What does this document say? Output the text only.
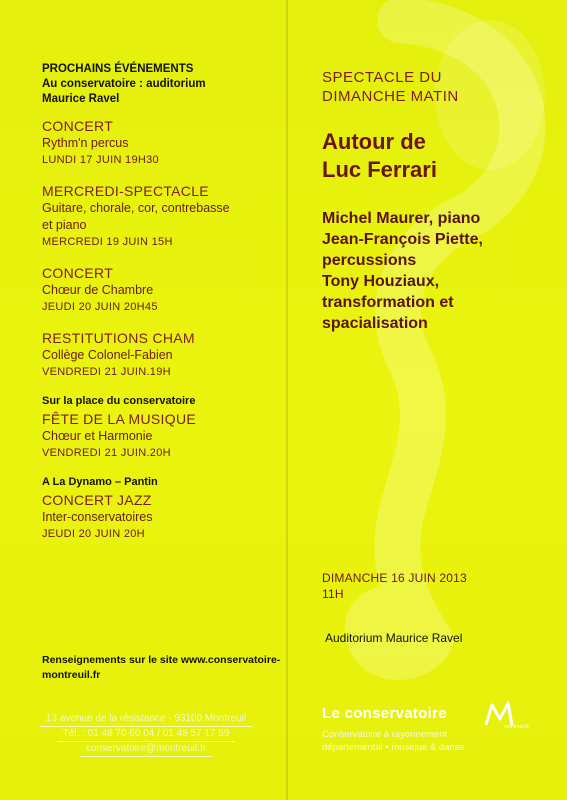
PROCHAINS ÉVÉNEMENTS
Au conservatoire : auditorium
Maurice Ravel
CONCERT
Rythm'n percus
LUNDI 17 JUIN 19H30
MERCREDI-SPECTACLE
Guitare, chorale, cor, contrebasse
et piano
MERCREDI 19 JUIN 15H
CONCERT
Chœur de Chambre
JEUDI 20 JUIN 20H45
RESTITUTIONS CHAM
Collège Colonel-Fabien
VENDREDI 21 JUIN.19H
Sur la place du conservatoire
FÊTE DE LA MUSIQUE
Chœur et Harmonie
VENDREDI 21 JUIN.20H
A La Dynamo – Pantin
CONCERT JAZZ
Inter-conservatoires
JEUDI 20 JUIN 20H
Renseignements sur le site www.conservatoire-
montreuil.fr
13 avenue de la résistance - 93100 Montreuil
Tél. : 01 48 70 60 04 / 01 48 57 17 59
conservatoire@montreuil.fr
SPECTACLE DU
DIMANCHE MATIN
Autour de
Luc Ferrari
Michel Maurer, piano
Jean-François Piette,
percussions
Tony Houziaux,
transformation et
spacialisation
DIMANCHE 16 JUIN 2013
11H
Auditorium Maurice Ravel
Le conservatoire
montreuil.fr
Conservatoire à rayonnement
départemental • musique & danse
